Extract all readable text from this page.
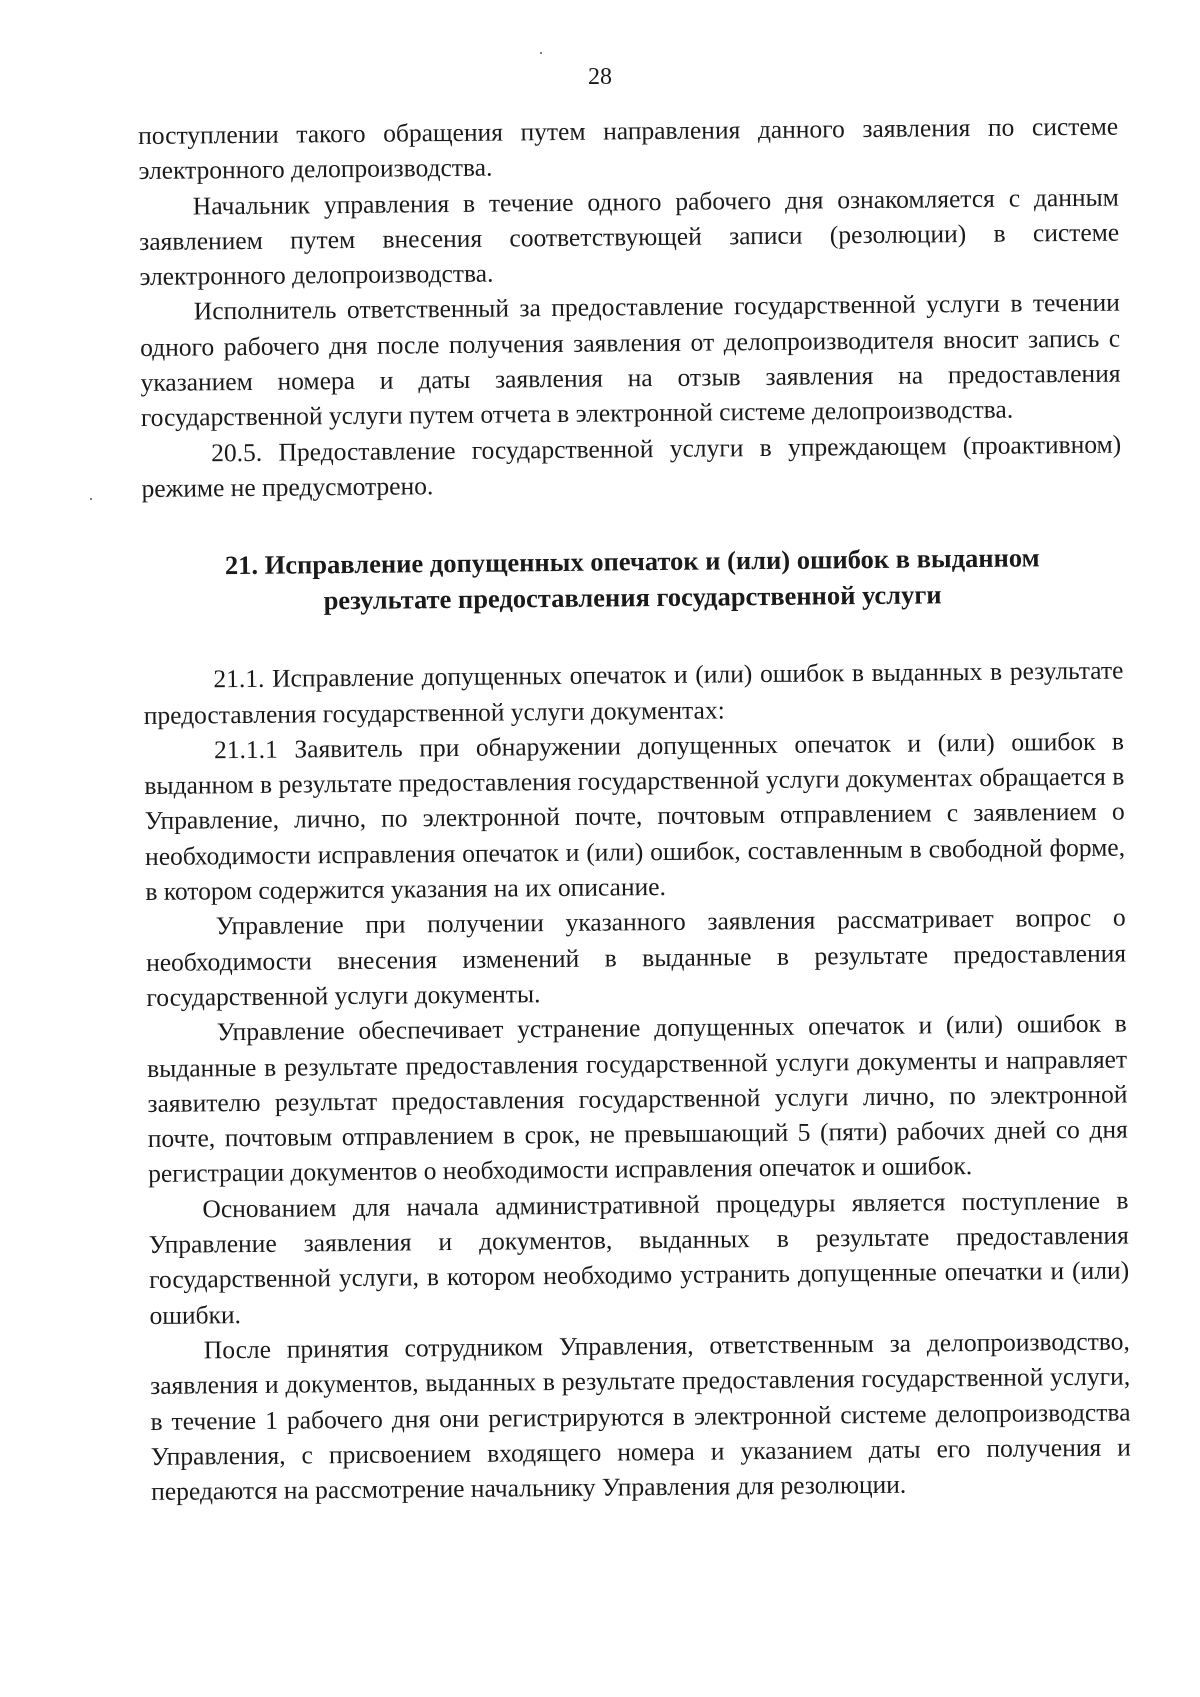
28

поступлении такого обращения путем направления данного заявления по системе электронного делопроизводства.

Начальник управления в течение одного рабочего дня ознакомляется с данным заявлением путем внесения соответствующей записи (резолюции) в системе электронного делопроизводства.

Исполнитель ответственный за предоставление государственной услуги в течении одного рабочего дня после получения заявления от делопроизводителя вносит запись с указанием номера и даты заявления на отзыв заявления на предоставления государственной услуги путем отчета в электронной системе делопроизводства.

20.5. Предоставление государственной услуги в упреждающем (проактивном) режиме не предусмотрено.

21. Исправление допущенных опечаток и (или) ошибок в выданном
результате предоставления государственной услуги

21.1. Исправление допущенных опечаток и (или) ошибок в выданных в результате предоставления государственной услуги документах:

21.1.1 Заявитель при обнаружении допущенных опечаток и (или) ошибок в выданном в результате предоставления государственной услуги документах обращается в Управление, лично, по электронной почте, почтовым отправлением с заявлением о необходимости исправления опечаток и (или) ошибок, составленным в свободной форме, в котором содержится указания на их описание.

Управление при получении указанного заявления рассматривает вопрос о необходимости внесения изменений в выданные в результате предоставления государственной услуги документы.

Управление обеспечивает устранение допущенных опечаток и (или) ошибок в выданные в результате предоставления государственной услуги документы и направляет заявителю результат предоставления государственной услуги лично, по электронной почте, почтовым отправлением в срок, не превышающий 5 (пяти) рабочих дней со дня регистрации документов о необходимости исправления опечаток и ошибок.

Основанием для начала административной процедуры является поступление в Управление заявления и документов, выданных в результате предоставления государственной услуги, в котором необходимо устранить допущенные опечатки и (или) ошибки.

После принятия сотрудником Управления, ответственным за делопроизводство, заявления и документов, выданных в результате предоставления государственной услуги, в течение 1 рабочего дня они регистрируются в электронной системе делопроизводства Управления, с присвоением входящего номера и указанием даты его получения и передаются на рассмотрение начальнику Управления для резолюции.
